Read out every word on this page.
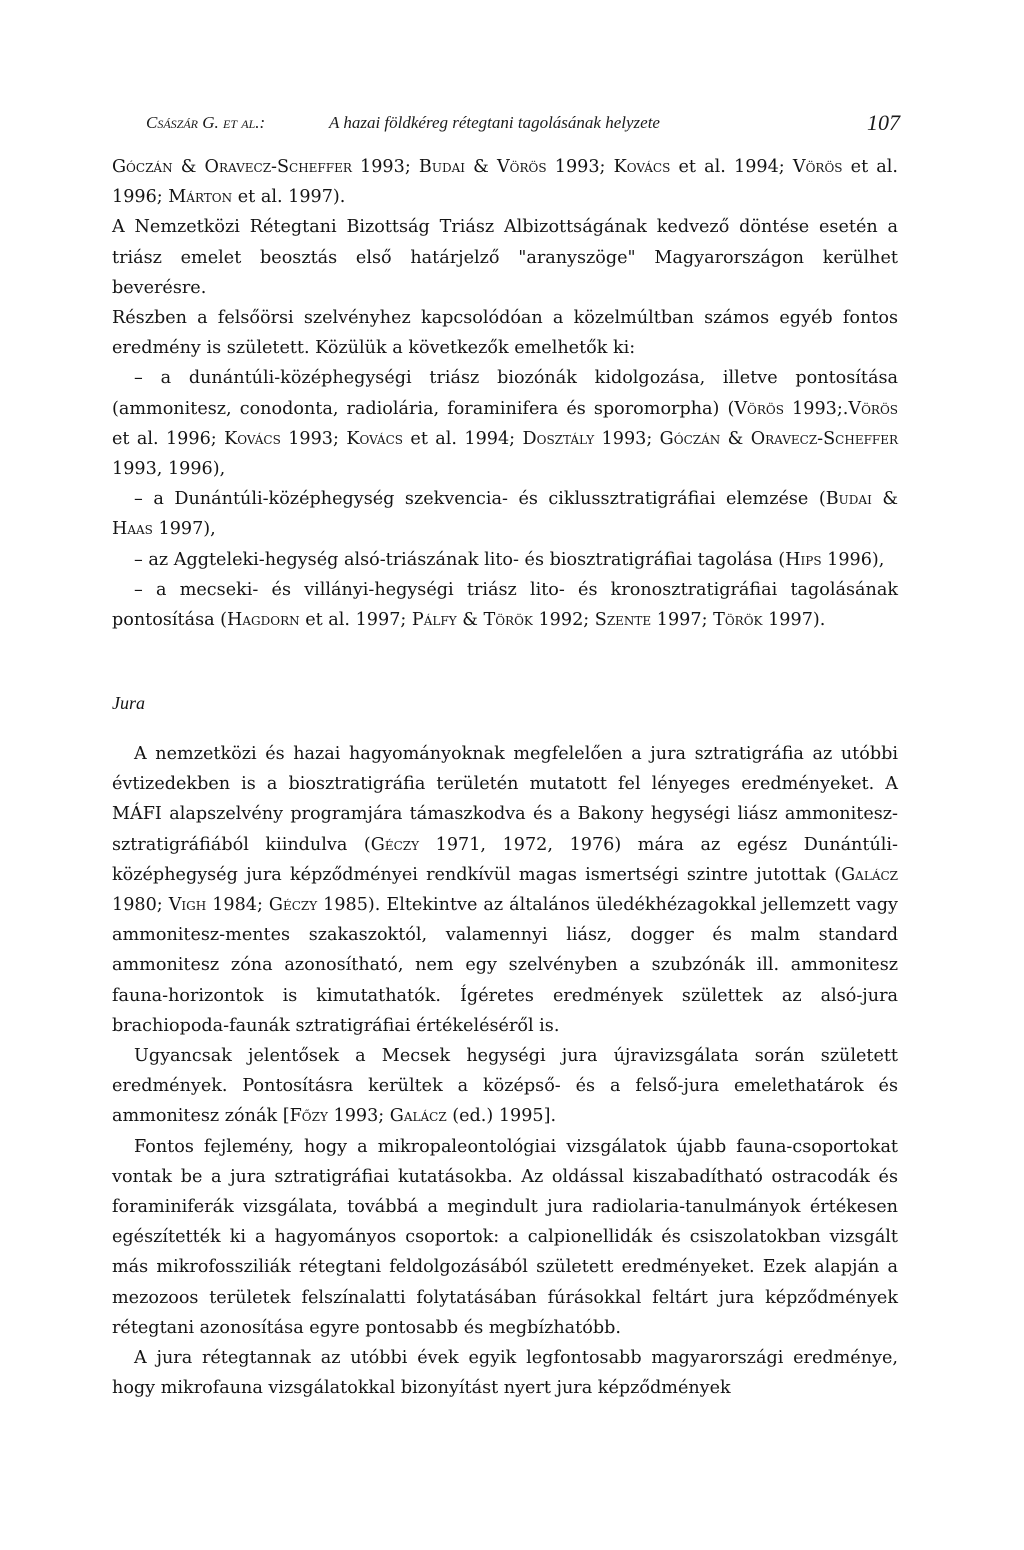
Császár G. et al.:	A hazai földkéreg rétegtani tagolásának helyzete	107

Góczán & Oravecz-Scheffer 1993; Budai & Vörös 1993; Kovács et al. 1994; Vörös et al. 1996; Márton et al. 1997).

A Nemzetközi Rétegtani Bizottság Triász Albizottságának kedvező döntése esetén a triász emelet beosztás első határjelző "aranyszöge" Magyarországon kerülhet beverésre.

Részben a felsőörsi szelvényhez kapcsolódóan a közelmúltban számos egyéb fontos eredmény is született. Közülük a következők emelhetők ki:

– a dunántúli-középhegységi triász biozónák kidolgozása, illetve pontosítása (ammonitesz, conodonta, radiolária, foraminifera és sporomorpha) (Vörös 1993;.Vörös et al. 1996; Kovács 1993; Kovács et al. 1994; Dosztály 1993; Góczán & Oravecz-Scheffer 1993, 1996),

– a Dunántúli-középhegység szekvencia- és ciklussztratigráfiai elemzése (Budai & Haas 1997),

– az Aggteleki-hegység alsó-triászának lito- és biosztratigráfiai tagolása (Hips 1996),

– a mecseki- és villányi-hegységi triász lito- és kronosztratigráfiai tagolásának pontosítása (Hagdorn et al. 1997; Pálfy & Török 1992; Szente 1997; Török 1997).

Jura

A nemzetközi és hazai hagyományoknak megfelelően a jura sztratigráfia az utóbbi évtizedekben is a biosztratigráfia területén mutatott fel lényeges eredményeket. A MÁFI alapszelvény programjára támaszkodva és a Bakony hegységi liász ammonitesz-sztratigráfiából kiindulva (Géczy 1971, 1972, 1976) mára az egész Dunántúli-középhegység jura képződményei rendkívül magas ismertségi szintre jutottak (Galácz 1980; Vigh 1984; Géczy 1985). Eltekintve az általános üledékhézagokkal jellemzett vagy ammonitesz-mentes szakaszoktól, valamennyi liász, dogger és malm standard ammonitesz zóna azonosítható, nem egy szelvényben a szubzónák ill. ammonitesz fauna-horizontok is kimutathatók. Ígéretes eredmények születtek az alsó-jura brachiopoda-faunák sztratigráfiai értékeléséről is.

Ugyancsak jelentősek a Mecsek hegységi jura újravizsgálata során született eredmények. Pontosításra kerültek a középső- és a felső-jura emelethatárok és ammonitesz zónák [Főzy 1993; Galácz (ed.) 1995].

Fontos fejlemény, hogy a mikropaleontológiai vizsgálatok újabb fauna-csoportokat vontak be a jura sztratigráfiai kutatásokba. Az oldással kiszabadítható ostracodák és foraminiferák vizsgálata, továbbá a megindult jura radiolaria-tanulmányok értékesen egészítették ki a hagyományos csoportok: a calpionellidák és csiszolatokban vizsgált más mikrofossziliák rétegtani feldolgozásából született eredményeket. Ezek alapján a mezozoos területek felszínalatti folytatásában fúrásokkal feltárt jura képződmények rétegtani azonosítása egyre pontosabb és megbízhatóbb.

A jura rétegtannak az utóbbi évek egyik legfontosabb magyarországi eredménye, hogy mikrofauna vizsgálatokkal bizonyítást nyert jura képződmények
